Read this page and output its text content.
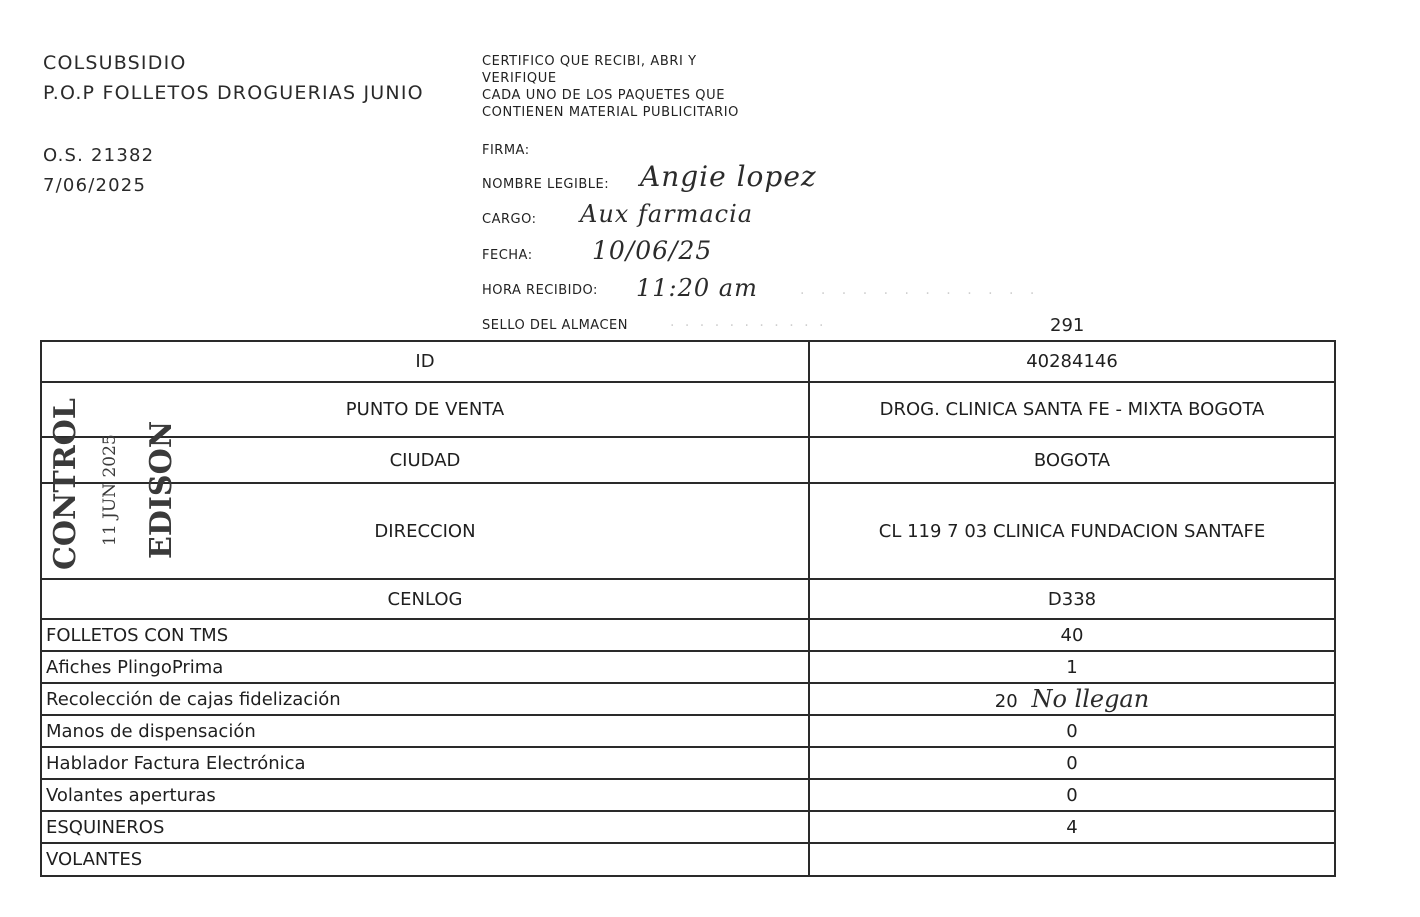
COLSUBSIDIO
P.O.P FOLLETOS DROGUERIAS JUNIO
O.S. 21382
7/06/2025
CERTIFICO QUE RECIBI, ABRI Y
VERIFIQUE
CADA UNO DE LOS PAQUETES QUE
CONTIENEN MATERIAL PUBLICITARIO
FIRMA:
NOMBRE LEGIBLE: Angie lopez
CARGO: Aux farmacia
FECHA: 10/06/25
HORA RECIBIDO: 11:20 am	· · · · · · · · · · · ·
SELLO DEL ALMACEN	· · · · · · · · · · ·	291
ID	40284146
PUNTO DE VENTA	DROG. CLINICA SANTA FE - MIXTA BOGOTA
CIUDAD	BOGOTA
DIRECCION	CL 119 7 03 CLINICA FUNDACION SANTAFE
CENLOG	D338
FOLLETOS CON TMS	40
Afiches PlingoPrima	1
Recolección de cajas fidelización	20 No llegan
Manos de dispensación	0
Hablador Factura Electrónica	0
Volantes aperturas	0
ESQUINEROS	4
VOLANTES	
CONTROL 11 JUN 2025 EDISON
